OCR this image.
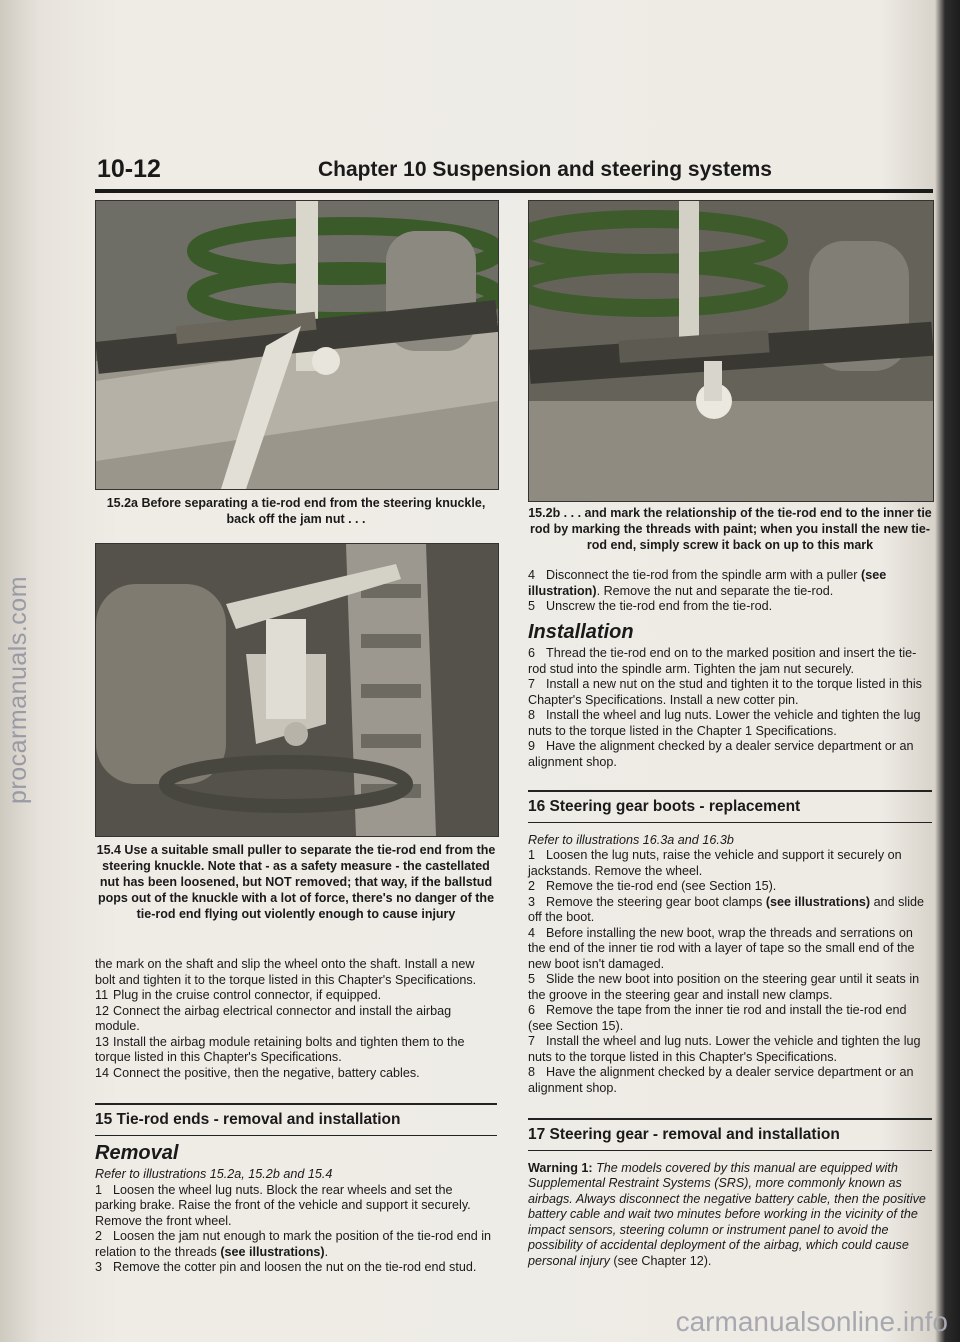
procarmanuals.com
carmanualsonline.info
10-12	Chapter 10 Suspension and steering systems
15.2a Before separating a tie-rod end from the steering knuckle, back off the jam nut . . .	15.2b . . . and mark the relationship of the tie-rod end to the inner tie rod by marking the threads with paint; when you install the new tie-rod end, simply screw it back on up to this mark
15.4 Use a suitable small puller to separate the tie-rod end from the steering knuckle. Note that - as a safety measure - the castellated nut has been loosened, but NOT removed; that way, if the ballstud pops out of the knuckle with a lot of force, there's no danger of the tie-rod end flying out violently enough to cause injury

the mark on the shaft and slip the wheel onto the shaft. Install a new bolt and tighten it to the torque listed in this Chapter's Specifications.

11 Plug in the cruise control connector, if equipped.

12 Connect the airbag electrical connector and install the airbag module.

13 Install the airbag module retaining bolts and tighten them to the torque listed in this Chapter's Specifications.

14 Connect the positive, then the negative, battery cables.

15 Tie-rod ends - removal and installation
Removal

Refer to illustrations 15.2a, 15.2b and 15.4

1 Loosen the wheel lug nuts. Block the rear wheels and set the parking brake. Raise the front of the vehicle and support it securely. Remove the front wheel.

2 Loosen the jam nut enough to mark the position of the tie-rod end in relation to the threads (see illustrations).

3 Remove the cotter pin and loosen the nut on the tie-rod end stud.

4 Disconnect the tie-rod from the spindle arm with a puller (see illustration). Remove the nut and separate the tie-rod.

5 Unscrew the tie-rod end from the tie-rod.

Installation

6 Thread the tie-rod end on to the marked position and insert the tie-rod stud into the spindle arm. Tighten the jam nut securely.

7 Install a new nut on the stud and tighten it to the torque listed in this Chapter's Specifications. Install a new cotter pin.

8 Install the wheel and lug nuts. Lower the vehicle and tighten the lug nuts to the torque listed in the Chapter 1 Specifications.

9 Have the alignment checked by a dealer service department or an alignment shop.

16 Steering gear boots - replacement

Refer to illustrations 16.3a and 16.3b

1 Loosen the lug nuts, raise the vehicle and support it securely on jackstands. Remove the wheel.

2 Remove the tie-rod end (see Section 15).

3 Remove the steering gear boot clamps (see illustrations) and slide off the boot.

4 Before installing the new boot, wrap the threads and serrations on the end of the inner tie rod with a layer of tape so the small end of the new boot isn't damaged.

5 Slide the new boot into position on the steering gear until it seats in the groove in the steering gear and install new clamps.

6 Remove the tape from the inner tie rod and install the tie-rod end (see Section 15).

7 Install the wheel and lug nuts. Lower the vehicle and tighten the lug nuts to the torque listed in this Chapter's Specifications.

8 Have the alignment checked by a dealer service department or an alignment shop.

17 Steering gear - removal and installation

Warning 1: The models covered by this manual are equipped with Supplemental Restraint Systems (SRS), more commonly known as airbags. Always disconnect the negative battery cable, then the positive battery cable and wait two minutes before working in the vicinity of the impact sensors, steering column or instrument panel to avoid the possibility of accidental deployment of the airbag, which could cause personal injury (see Chapter 12).
